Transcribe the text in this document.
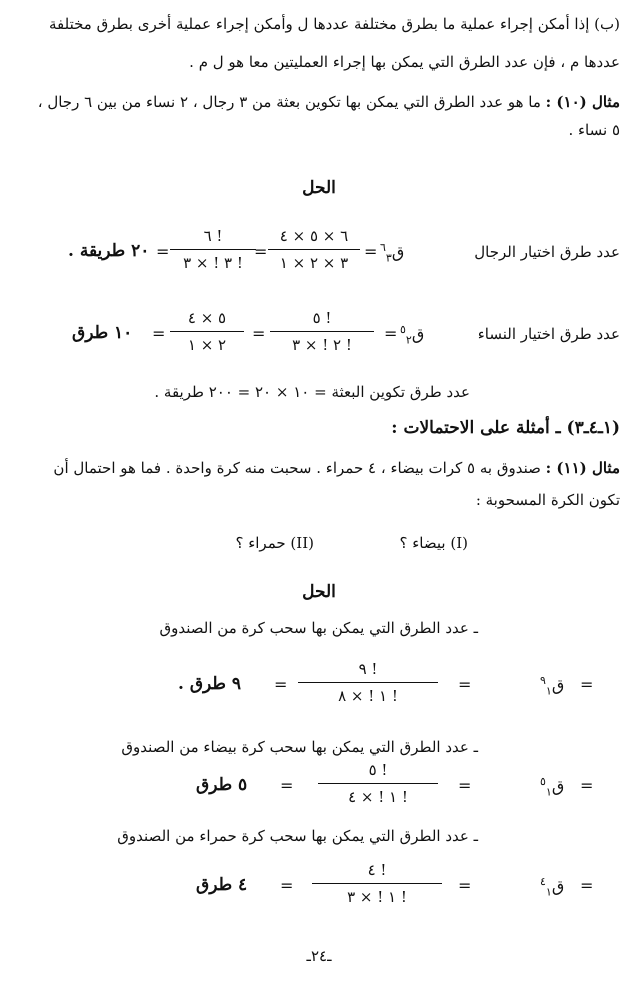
(ب) إذا أمكن إجراء عملية ما بطرق مختلفة عددها ل وأمكن إجراء عملية أخرى بطرق مختلفة
عددها م ، فإن عدد الطرق التي يمكن بها إجراء العمليتين معا هو ل م .
مثال (١٠) : ما هو عدد الطرق التي يمكن بها تكوين بعثة من ٣ رجال ، ٢ نساء من بين ٦ رجال ،
٥ نساء .
الحل
عدد طرق اختيار الرجال
ق$^٦_٣$
=
٦ × ٥ × ٤
٣ × ٢ × ١
=
٦ !
٣ ! × ٣ !
=
٢٠ طريقة .
عدد طرق اختيار النساء
ق$^٥_٢$
=
٥ !
٢ ! × ٣ !
=
٥ × ٤
٢ × ١
=
١٠ طرق
عدد طرق تكوين البعثة = ١٠ × ٢٠ = ٢٠٠ طريقة .
(١ـ٤ـ٣) ـ أمثلة على الاحتمالات :
مثال (١١) : صندوق به ٥ كرات بيضاء ، ٤ حمراء . سحبت منه كرة واحدة . فما هو احتمال أن
تكون الكرة المسحوبة :
(I) بيضاء ؟
(II) حمراء ؟
الحل
ـ عدد الطرق التي يمكن بها سحب كرة من الصندوق
=
ق$^٩_١$
=
٩ !
١ ! × ٨ !
=
٩ طرق .
ـ عدد الطرق التي يمكن بها سحب كرة بيضاء من الصندوق
=
ق$^٥_١$
=
٥ !
١ ! × ٤ !
=
٥ طرق
ـ عدد الطرق التي يمكن بها سحب كرة حمراء من الصندوق
=
ق$^٤_١$
=
٤ !
١ ! × ٣ !
=
٤ طرق
ـ٢٤ـ
